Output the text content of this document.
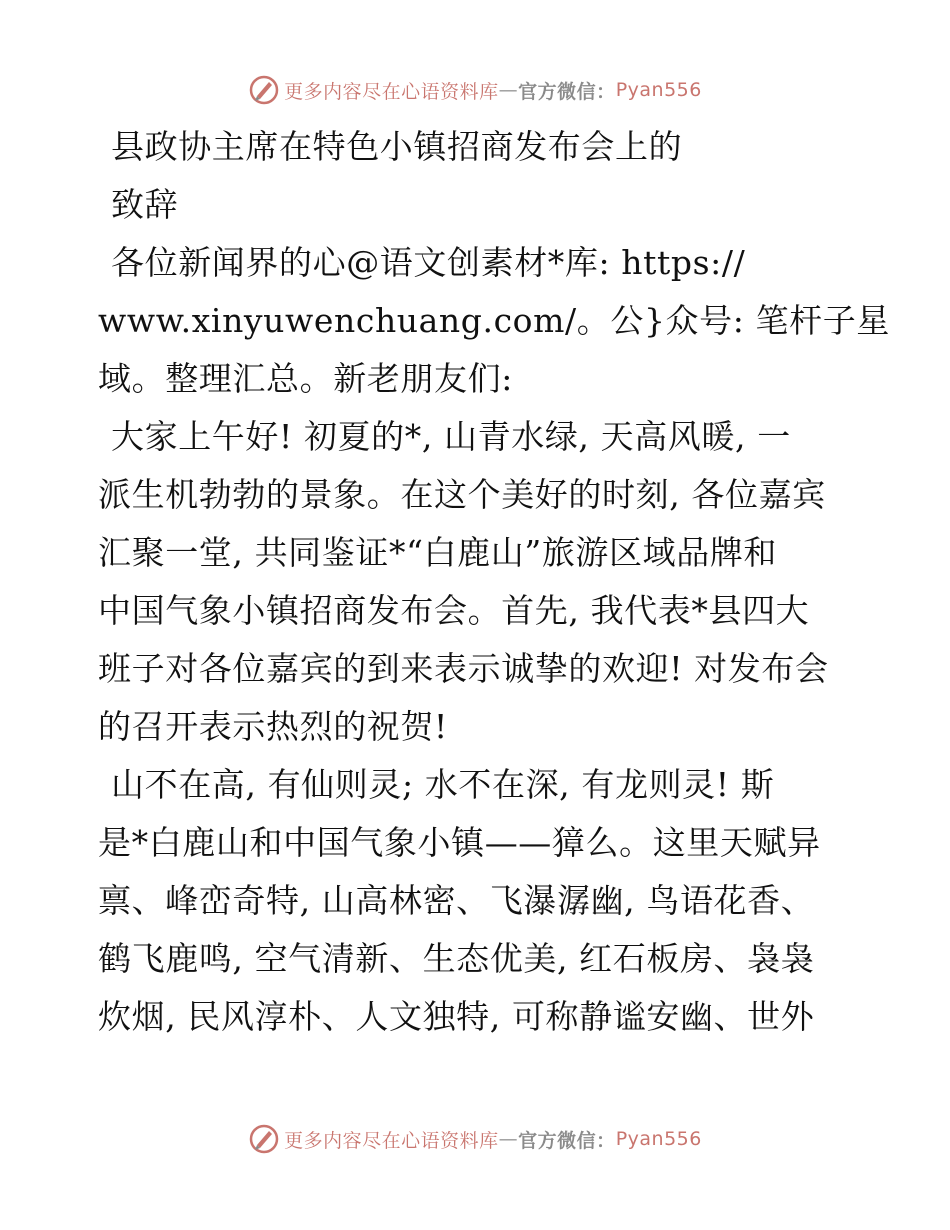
更多内容尽在心语资料库 — 官方微信： Pyan556
县政协主席在特色小镇招商发布会上的
致辞
各位新闻界的心@语文创素材*库: https://
www.xinyuwenchuang.com/。公}众号: 笔杆子星
域。整理汇总。新老朋友们:
大家上午好! 初夏的*, 山青水绿, 天高风暖, 一
派生机勃勃的景象。在这个美好的时刻, 各位嘉宾
汇聚一堂, 共同鉴证*“白鹿山”旅游区域品牌和
中国气象小镇招商发布会。首先, 我代表*县四大
班子对各位嘉宾的到来表示诚挚的欢迎! 对发布会
的召开表示热烈的祝贺!
山不在高, 有仙则灵; 水不在深, 有龙则灵! 斯
是*白鹿山和中国气象小镇——獐么。这里天赋异
禀、峰峦奇特, 山高林密、飞瀑潺幽, 鸟语花香、
鹤飞鹿鸣, 空气清新、生态优美, 红石板房、袅袅
炊烟, 民风淳朴、人文独特, 可称静谧安幽、世外
更多内容尽在心语资料库 — 官方微信： Pyan556
